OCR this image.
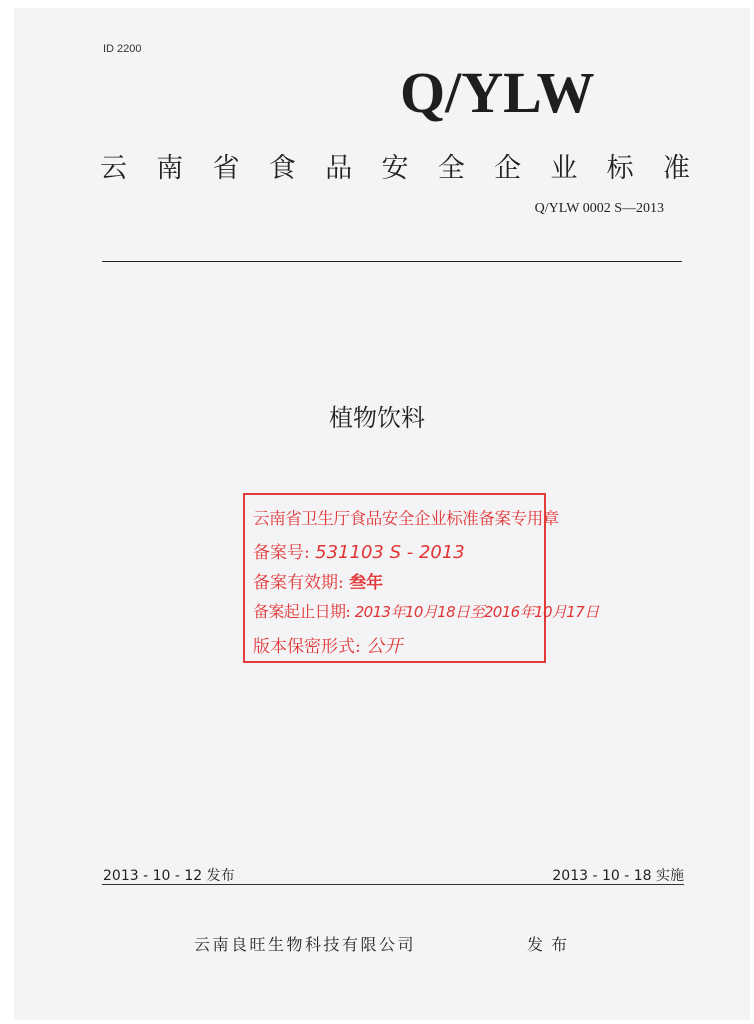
ID 2200
Q/YLW
云 南 省 食 品 安 全 企 业 标 准
Q/YLW 0002 S—2013
植物饮料
云南省卫生厅食品安全企业标准备案专用章
备案号: 531103 S - 2013
备案有效期: 叁年
备案起止日期: 2013年10月18日至2016年10月17日
版本保密形式: 公开
2013 - 10 - 12 发布	2013 - 10 - 18 实施
云南良旺生物科技有限公司	发布
